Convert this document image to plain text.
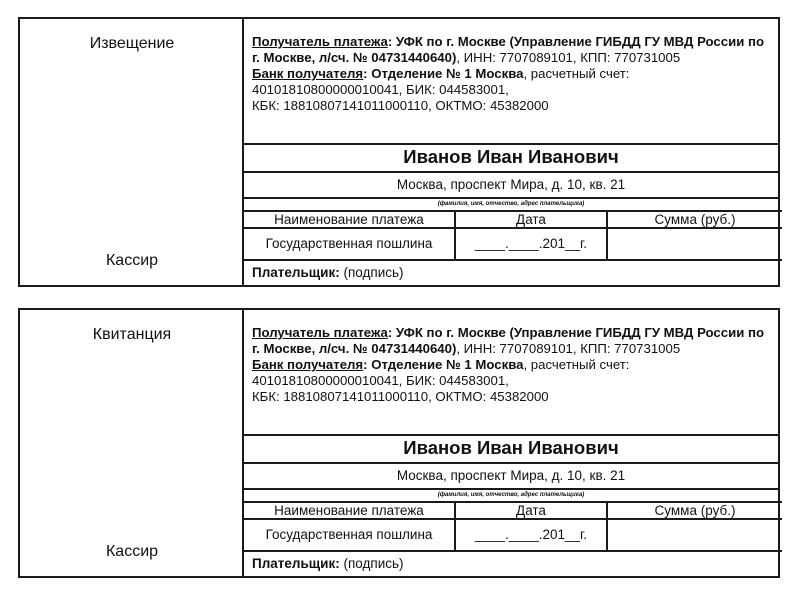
Извещение
Кассир
Получатель платежа: УФК по г. Москве (Управление ГИБДД ГУ МВД России по г. Москве, л/сч. № 04731440640), ИНН: 7707089101, КПП: 770731005
Банк получателя: Отделение № 1 Москва, расчетный счет: 40101810800000010041, БИК: 044583001,
КБК: 18810807141011000110, ОКТМО: 45382000
Иванов Иван Иванович
Москва, проспект Мира, д. 10, кв. 21
(фамилия, имя, отчество, адрес плательщика)
Наименование платежа	Дата	Сумма (руб.)
Государственная пошлина	____.____.201__г.	
Плательщик: (подпись)
Квитанция
Кассир
Получатель платежа: УФК по г. Москве (Управление ГИБДД ГУ МВД России по г. Москве, л/сч. № 04731440640), ИНН: 7707089101, КПП: 770731005
Банк получателя: Отделение № 1 Москва, расчетный счет: 40101810800000010041, БИК: 044583001,
КБК: 18810807141011000110, ОКТМО: 45382000
Иванов Иван Иванович
Москва, проспект Мира, д. 10, кв. 21
(фамилия, имя, отчество, адрес плательщика)
Наименование платежа	Дата	Сумма (руб.)
Государственная пошлина	____.____.201__г.	
Плательщик: (подпись)
